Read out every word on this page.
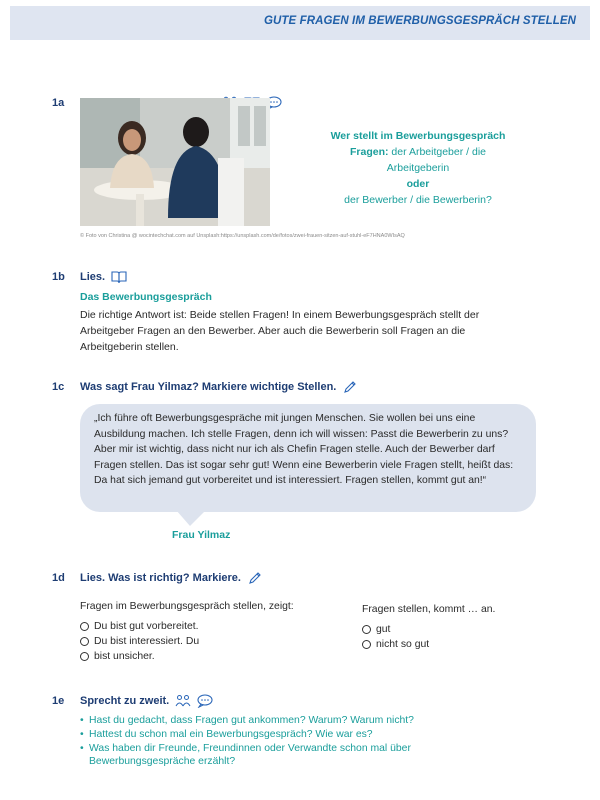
GUTE FRAGEN IM BEWERBUNGSGESPRÄCH STELLEN
1a
Wer stellt im Bewerbungsgespräch
Fragen: der Arbeitgeber / die
Arbeitgeberin
oder
der Bewerber / die Bewerberin?
© Foto von Christina @ wocintechchat.com auf Unsplash:https://unsplash.com/de/fotos/zwei-frauen-sitzen-auf-stuhl-eF7HNA0WIsAQ
1b Lies.
Das Bewerbungsgespräch
Die richtige Antwort ist: Beide stellen Fragen! In einem Bewerbungsgespräch stellt der Arbeitgeber Fragen an den Bewerber. Aber auch die Bewerberin soll Fragen an die Arbeitgeberin stellen.
1c Was sagt Frau Yilmaz? Markiere wichtige Stellen.
„Ich führe oft Bewerbungsgespräche mit jungen Menschen. Sie wollen bei uns eine Ausbildung machen. Ich stelle Fragen, denn ich will wissen: Passt die Bewerberin zu uns? Aber mir ist wichtig, dass nicht nur ich als Chefin Fragen stelle. Auch der Bewerber darf Fragen stellen. Das ist sogar sehr gut! Wenn eine Bewerberin viele Fragen stellt, heißt das: Da hat sich jemand gut vorbereitet und ist interessiert. Fragen stellen, kommt gut an!“
Frau Yilmaz
1d Lies. Was ist richtig? Markiere.
Fragen im Bewerbungsgespräch stellen, zeigt:
Du bist gut vorbereitet.
Du bist interessiert. Du
bist unsicher.
Fragen stellen, kommt … an.
gut
nicht so gut
1e Sprecht zu zweit.
• Hast du gedacht, dass Fragen gut ankommen? Warum? Warum nicht?
• Hattest du schon mal ein Bewerbungsgespräch? Wie war es?
• Was haben dir Freunde, Freundinnen oder Verwandte schon mal über Bewerbungsgespräche erzählt?
